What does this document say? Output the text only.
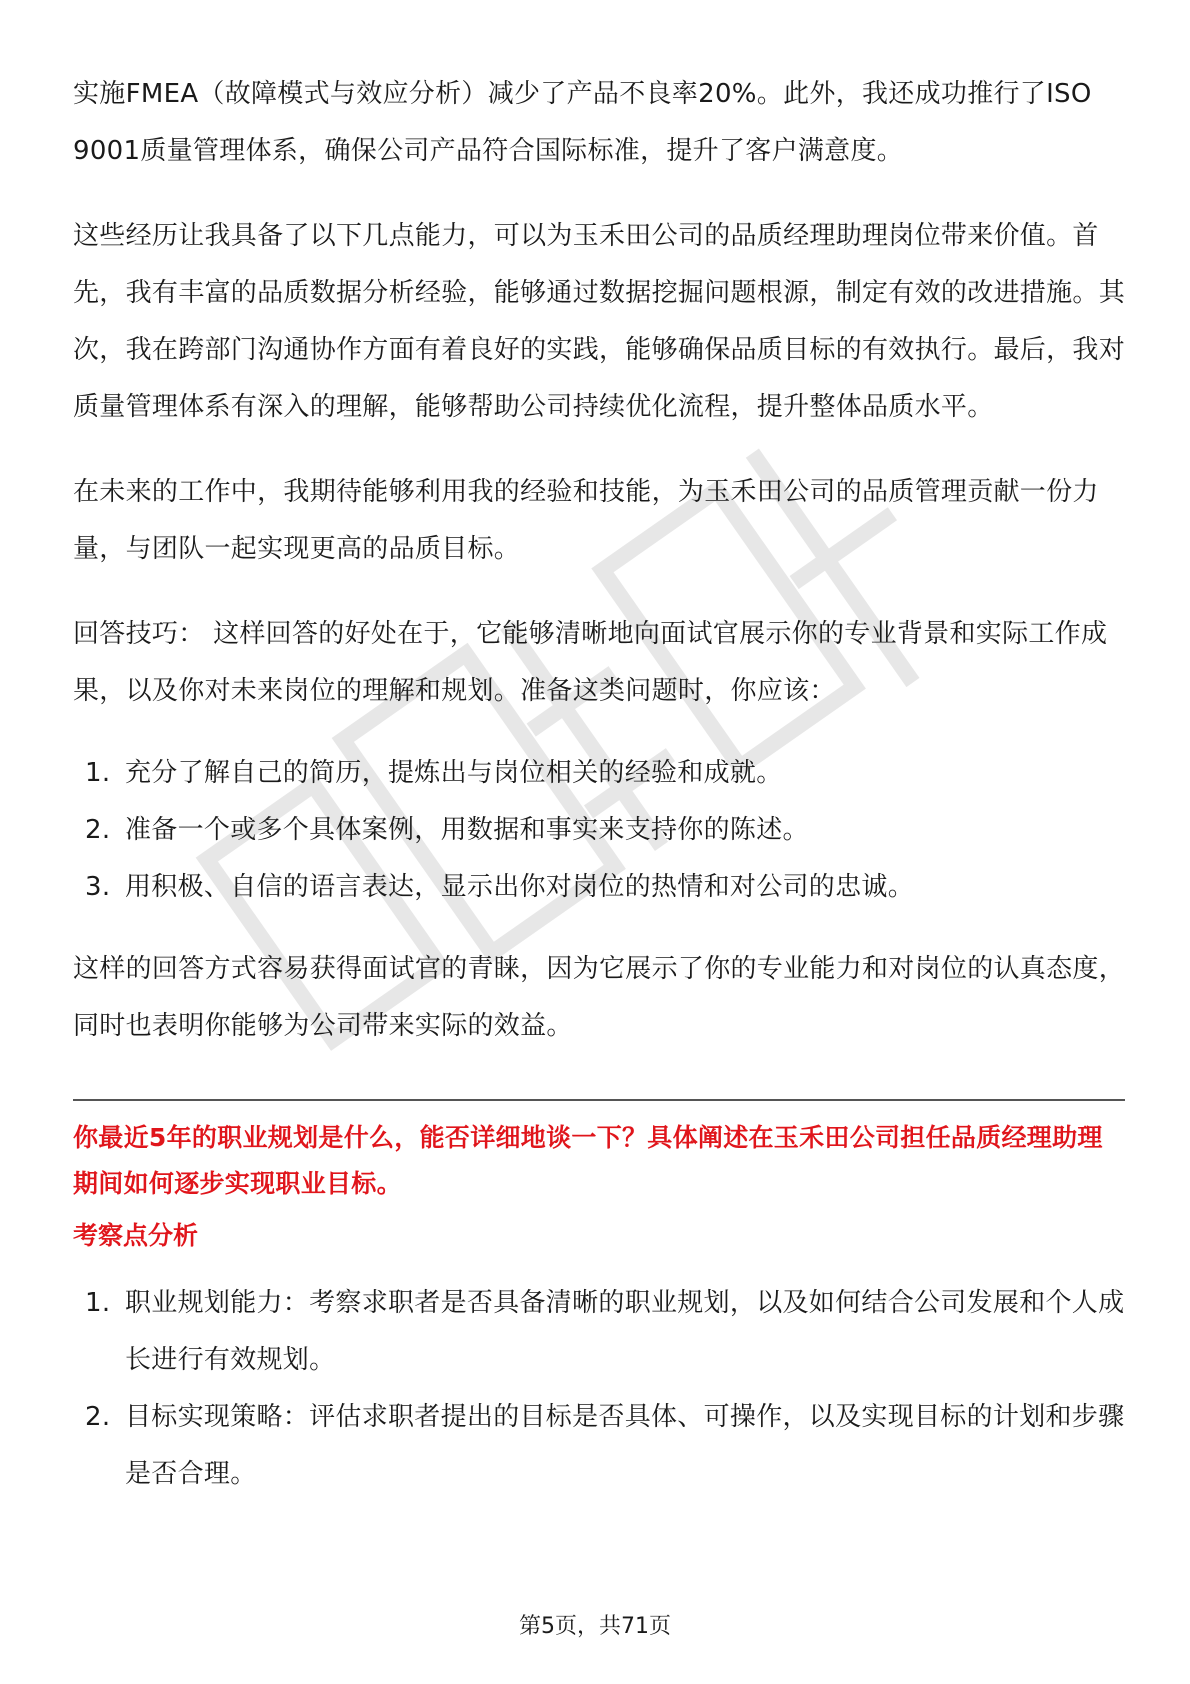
实施FMEA（故障模式与效应分析）减少了产品不良率20%。此外，我还成功推行了ISO 9001质量管理体系，确保公司产品符合国际标准，提升了客户满意度。

这些经历让我具备了以下几点能力，可以为玉禾田公司的品质经理助理岗位带来价值。首先，我有丰富的品质数据分析经验，能够通过数据挖掘问题根源，制定有效的改进措施。其次，我在跨部门沟通协作方面有着良好的实践，能够确保品质目标的有效执行。最后，我对质量管理体系有深入的理解，能够帮助公司持续优化流程，提升整体品质水平。

在未来的工作中，我期待能够利用我的经验和技能，为玉禾田公司的品质管理贡献一份力量，与团队一起实现更高的品质目标。

回答技巧： 这样回答的好处在于，它能够清晰地向面试官展示你的专业背景和实际工作成果，以及你对未来岗位的理解和规划。准备这类问题时，你应该：

1. 充分了解自己的简历，提炼出与岗位相关的经验和成就。
2. 准备一个或多个具体案例，用数据和事实来支持你的陈述。
3. 用积极、自信的语言表达，显示出你对岗位的热情和对公司的忠诚。

这样的回答方式容易获得面试官的青睐，因为它展示了你的专业能力和对岗位的认真态度，同时也表明你能够为公司带来实际的效益。

你最近5年的职业规划是什么，能否详细地谈一下？具体阐述在玉禾田公司担任品质经理助理期间如何逐步实现职业目标。

考察点分析

1. 职业规划能力：考察求职者是否具备清晰的职业规划，以及如何结合公司发展和个人成长进行有效规划。
2. 目标实现策略：评估求职者提出的目标是否具体、可操作，以及实现目标的计划和步骤是否合理。
第5页，共71页
